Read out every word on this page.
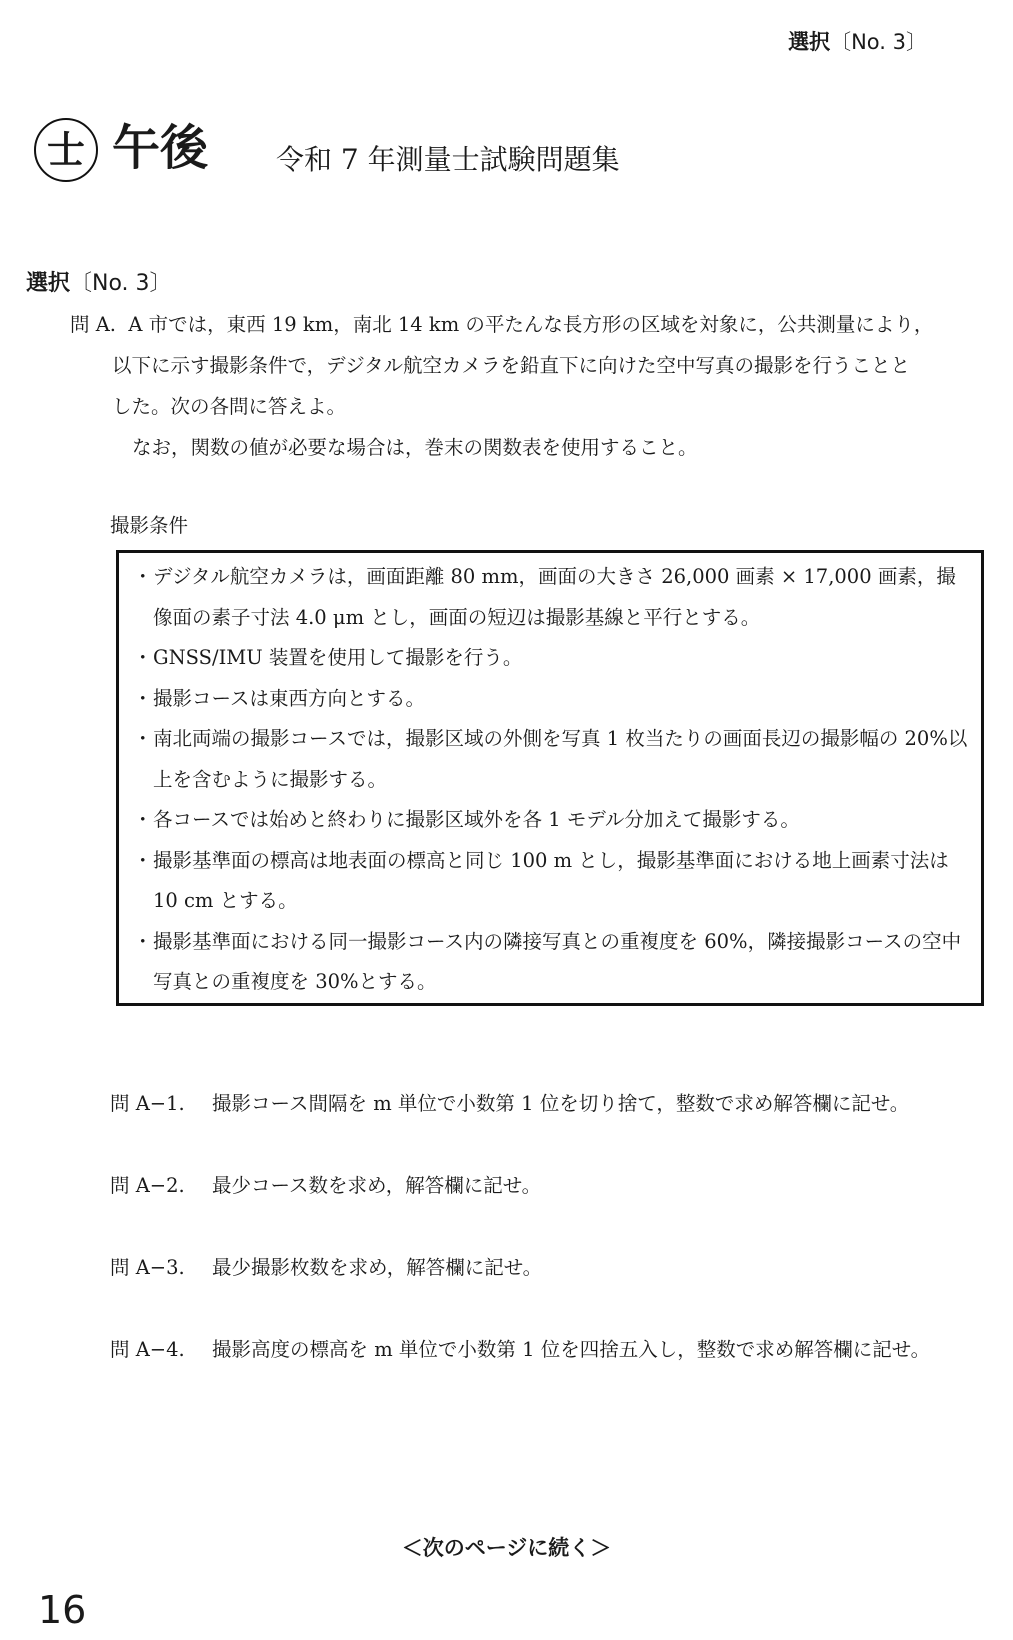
選択〔No. 3〕
士 午後 令和 7 年測量士試験問題集
選択〔No. 3〕

問 A. A 市では，東西 19 km，南北 14 km の平たんな長方形の区域を対象に，公共測量により，

以下に示す撮影条件で，デジタル航空カメラを鉛直下に向けた空中写真の撮影を行うことと

した。次の各問に答えよ。

なお，関数の値が必要な場合は，巻末の関数表を使用すること。

撮影条件
・デジタル航空カメラは，画面距離 80 mm，画面の大きさ 26,000 画素 × 17,000 画素，撮像面の素子寸法 4.0 μm とし，画面の短辺は撮影基線と平行とする。
・GNSS/IMU 装置を使用して撮影を行う。
・撮影コースは東西方向とする。
・南北両端の撮影コースでは，撮影区域の外側を写真 1 枚当たりの画面長辺の撮影幅の 20%以上を含むように撮影する。
・各コースでは始めと終わりに撮影区域外を各 1 モデル分加えて撮影する。
・撮影基準面の標高は地表面の標高と同じ 100 m とし，撮影基準面における地上画素寸法は 10 cm とする。
・撮影基準面における同一撮影コース内の隣接写真との重複度を 60%，隣接撮影コースの空中写真との重複度を 30%とする。
問 A−1. 撮影コース間隔を m 単位で小数第 1 位を切り捨て，整数で求め解答欄に記せ。
問 A−2. 最少コース数を求め，解答欄に記せ。
問 A−3. 最少撮影枚数を求め，解答欄に記せ。
問 A−4. 撮影高度の標高を m 単位で小数第 1 位を四捨五入し，整数で求め解答欄に記せ。
＜次のページに続く＞
16
